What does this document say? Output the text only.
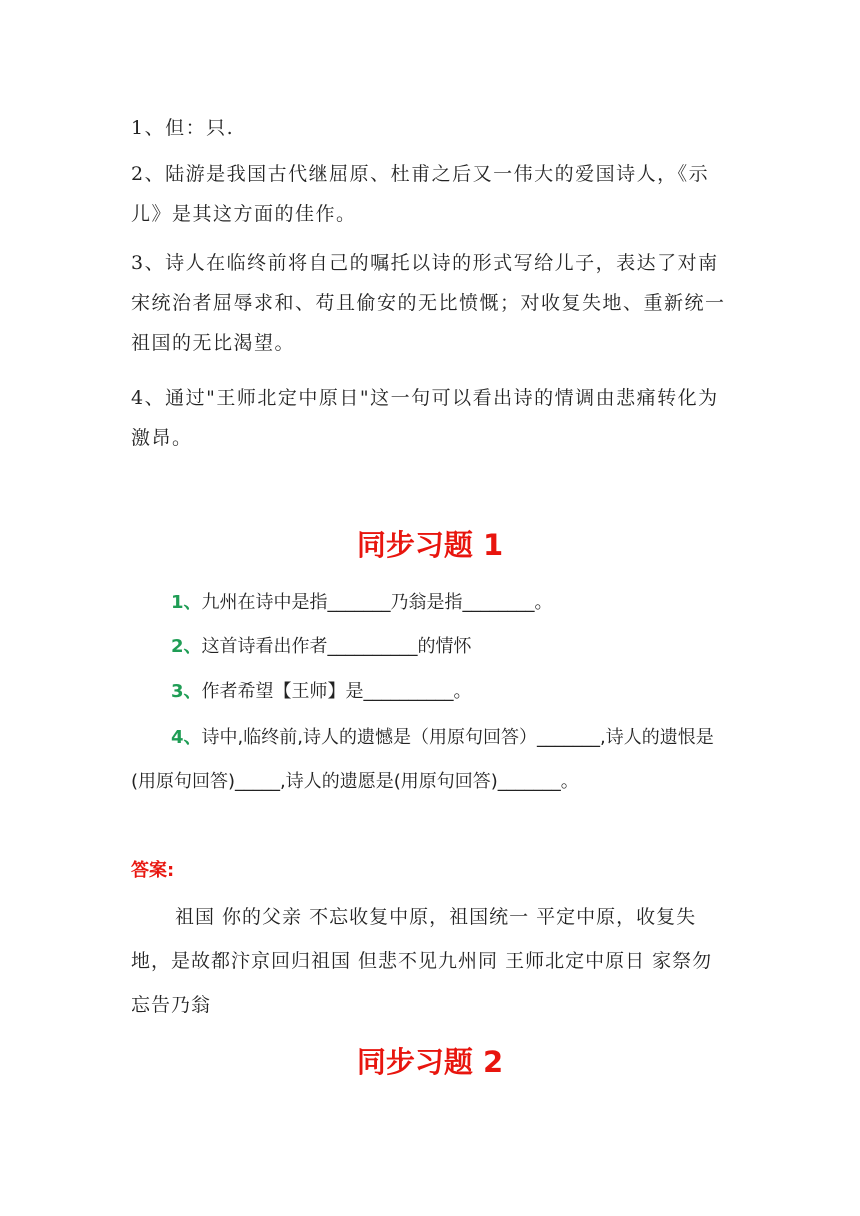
1、但：只.
2、陆游是我国古代继屈原、杜甫之后又一伟大的爱国诗人，《示儿》是其这方面的佳作。
3、诗人在临终前将自己的嘱托以诗的形式写给儿子，表达了对南宋统治者屈辱求和、苟且偷安的无比愤慨；对收复失地、重新统一祖国的无比渴望。
4、通过"王师北定中原日"这一句可以看出诗的情调由悲痛转化为激昂。
同步习题 1
1、九州在诗中是指_______乃翁是指________。
2、这首诗看出作者__________的情怀
3、作者希望【王师】是__________。
4、诗中,临终前,诗人的遗憾是（用原句回答）_______,诗人的遗恨是(用原句回答)_____,诗人的遗愿是(用原句回答)_______。
答案:
祖国 你的父亲 不忘收复中原，祖国统一 平定中原，收复失地，是故都汴京回归祖国 但悲不见九州同 王师北定中原日 家祭勿忘告乃翁
同步习题 2
